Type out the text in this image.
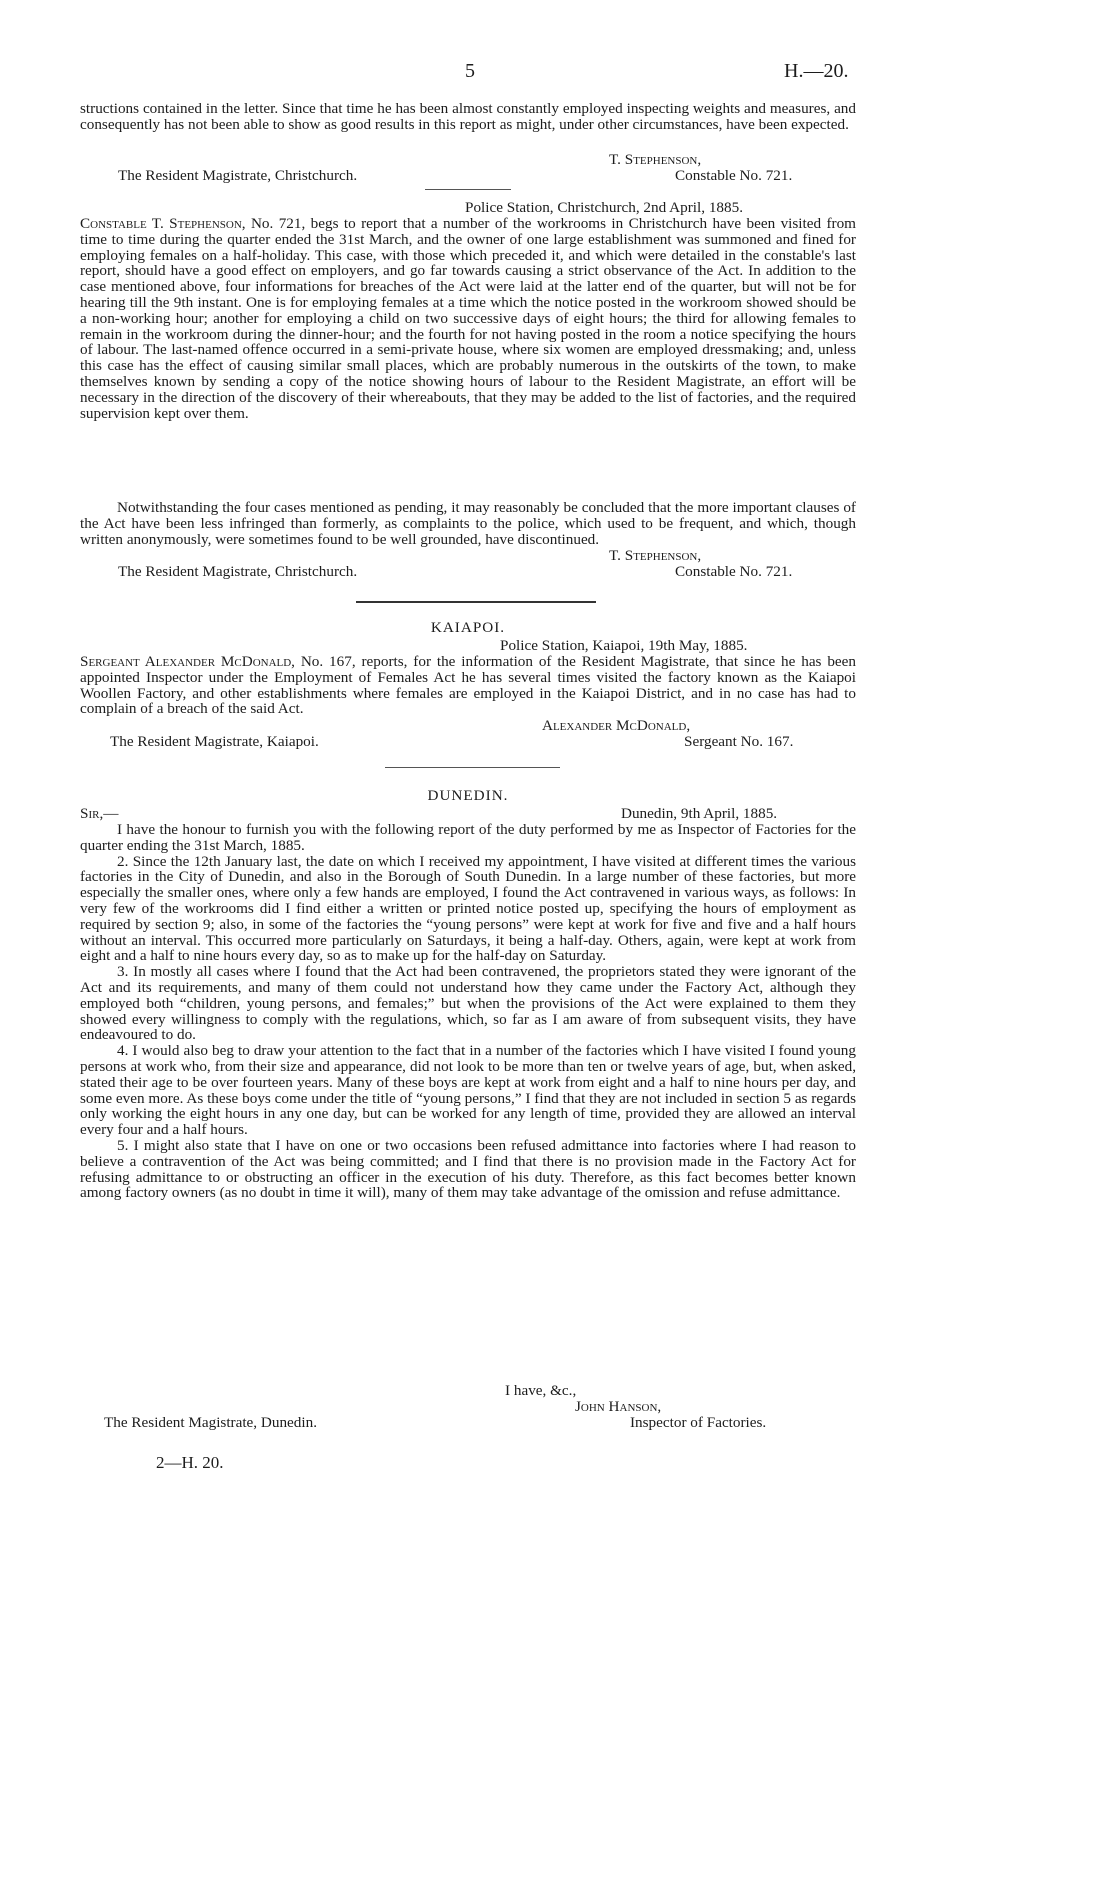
5	H.—20.

structions contained in the letter. Since that time he has been almost constantly employed inspecting weights and measures, and consequently has not been able to show as good results in this report as might, under other circumstances, have been expected.

T. Stephenson,
The Resident Magistrate, Christchurch.	Constable No. 721.
Police Station, Christchurch, 2nd April, 1885.

Constable T. Stephenson, No. 721, begs to report that a number of the workrooms in Christchurch have been visited from time to time during the quarter ended the 31st March, and the owner of one large establishment was summoned and fined for employing females on a half-holiday. This case, with those which preceded it, and which were detailed in the constable's last report, should have a good effect on employers, and go far towards causing a strict observance of the Act. In addition to the case mentioned above, four informations for breaches of the Act were laid at the latter end of the quarter, but will not be for hearing till the 9th instant. One is for employing females at a time which the notice posted in the workroom showed should be a non-working hour; another for employing a child on two successive days of eight hours; the third for allowing females to remain in the workroom during the dinner-hour; and the fourth for not having posted in the room a notice specifying the hours of labour. The last-named offence occurred in a semi-private house, where six women are employed dressmaking; and, unless this case has the effect of causing similar small places, which are probably numerous in the outskirts of the town, to make themselves known by sending a copy of the notice showing hours of labour to the Resident Magistrate, an effort will be necessary in the direction of the discovery of their whereabouts, that they may be added to the list of factories, and the required supervision kept over them.

Notwithstanding the four cases mentioned as pending, it may reasonably be concluded that the more important clauses of the Act have been less infringed than formerly, as complaints to the police, which used to be frequent, and which, though written anonymously, were sometimes found to be well grounded, have discontinued.

T. Stephenson,
The Resident Magistrate, Christchurch.	Constable No. 721.
KAIAPOI.
Police Station, Kaiapoi, 19th May, 1885.

Sergeant Alexander McDonald, No. 167, reports, for the information of the Resident Magistrate, that since he has been appointed Inspector under the Employment of Females Act he has several times visited the factory known as the Kaiapoi Woollen Factory, and other establishments where females are employed in the Kaiapoi District, and in no case has had to complain of a breach of the said Act.

Alexander McDonald,
The Resident Magistrate, Kaiapoi.	Sergeant No. 167.
DUNEDIN.
Sir,—	Dunedin, 9th April, 1885.

I have the honour to furnish you with the following report of the duty performed by me as Inspector of Factories for the quarter ending the 31st March, 1885.

2. Since the 12th January last, the date on which I received my appointment, I have visited at different times the various factories in the City of Dunedin, and also in the Borough of South Dunedin. In a large number of these factories, but more especially the smaller ones, where only a few hands are employed, I found the Act contravened in various ways, as follows: In very few of the workrooms did I find either a written or printed notice posted up, specifying the hours of employment as required by section 9; also, in some of the factories the “young persons” were kept at work for five and five and a half hours without an interval. This occurred more particularly on Saturdays, it being a half-day. Others, again, were kept at work from eight and a half to nine hours every day, so as to make up for the half-day on Saturday.

3. In mostly all cases where I found that the Act had been contravened, the proprietors stated they were ignorant of the Act and its requirements, and many of them could not understand how they came under the Factory Act, although they employed both “children, young persons, and females;” but when the provisions of the Act were explained to them they showed every willingness to comply with the regulations, which, so far as I am aware of from subsequent visits, they have endeavoured to do.

4. I would also beg to draw your attention to the fact that in a number of the factories which I have visited I found young persons at work who, from their size and appearance, did not look to be more than ten or twelve years of age, but, when asked, stated their age to be over fourteen years. Many of these boys are kept at work from eight and a half to nine hours per day, and some even more. As these boys come under the title of “young persons,” I find that they are not included in section 5 as regards only working the eight hours in any one day, but can be worked for any length of time, provided they are allowed an interval every four and a half hours.

5. I might also state that I have on one or two occasions been refused admittance into factories where I had reason to believe a contravention of the Act was being committed; and I find that there is no provision made in the Factory Act for refusing admittance to or obstructing an officer in the execution of his duty. Therefore, as this fact becomes better known among factory owners (as no doubt in time it will), many of them may take advantage of the omission and refuse admittance.

I have, &c.,
John Hanson,
The Resident Magistrate, Dunedin.	Inspector of Factories.
2—H. 20.
